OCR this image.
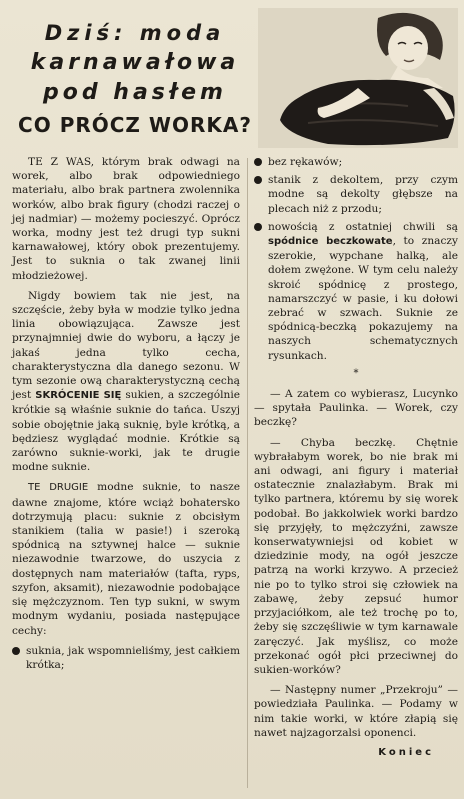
Dziś: moda
karnawałowa
pod hasłem
CO PRÓCZ WORKA?

TE Z WAS, którym brak odwagi na worek, albo brak odpowiedniego materiału, albo brak partnera zwolennika worków, albo brak figury (chodzi raczej o jej nadmiar) — możemy pocieszyć. Oprócz worka, modny jest też drugi typ sukni karnawałowej, który obok prezentujemy. Jest to suknia o tak zwanej linii młodzieżowej.

Nigdy bowiem tak nie jest, na szczęście, żeby była w modzie tylko jedna linia obowiązująca. Zawsze jest przynajmniej dwie do wyboru, a łączy je jakaś jedna tylko cecha, charakterystyczna dla danego sezonu. W tym sezonie ową charakterystyczną cechą jest SKRÓCENIE SIĘ sukien, a szczególnie krótkie są właśnie suknie do tańca. Uszyj sobie obojętnie jaką suknię, byle krótką, a będziesz wyglądać modnie. Krótkie są zarówno suknie-worki, jak te drugie modne suknie.

TE DRUGIE modne suknie, to nasze dawne znajome, które wciąż bohatersko dotrzymują placu: suknie z obcisłym stanikiem (talia w pasie!) i szeroką spódnicą na sztywnej halce — suknie niezawodnie twarzowe, do uszycia z dostępnych nam materiałów (tafta, ryps, szyfon, aksamit), niezawodnie podobające się mężczyznom. Ten typ sukni, w swym modnym wydaniu, posiada następujące cechy:

suknia, jak wspomnieliśmy, jest całkiem krótka;

bez rękawów;

stanik z dekoltem, przy czym modne są dekolty głębsze na plecach niż z przodu;

nowością z ostatniej chwili są spódnice beczkowate, to znaczy szerokie, wypchane halką, ale dołem zwężone. W tym celu należy skroić spódnicę z prostego, namarszczyć w pasie, i ku dołowi zebrać w szwach. Suknie ze spódnicą-beczką pokazujemy na naszych schematycznych rysunkach.

*

— A zatem co wybierasz, Lucynko — spytała Paulinka. — Worek, czy beczkę?

— Chyba beczkę. Chętnie wybrałabym worek, bo nie brak mi ani odwagi, ani figury i materiał ostatecznie znalazłabym. Brak mi tylko partnera, któremu by się worek podobał. Bo jakkolwiek worki bardzo się przyjęły, to mężczyźni, zawsze konserwatywniejsi od kobiet w dziedzinie mody, na ogół jeszcze patrzą na worki krzywo. A przecież nie po to tylko stroi się człowiek na zabawę, żeby zepsuć humor przyjaciółkom, ale też trochę po to, żeby się szczęśliwie w tym karnawale zaręczyć. Jak myślisz, co może przekonać ogół płci przeciwnej do sukien-worków?

— Następny numer „Przekroju” — powiedziała Paulinka. — Podamy w nim takie worki, w które złapią się nawet najzagorzalsi oponenci.

Koniec
